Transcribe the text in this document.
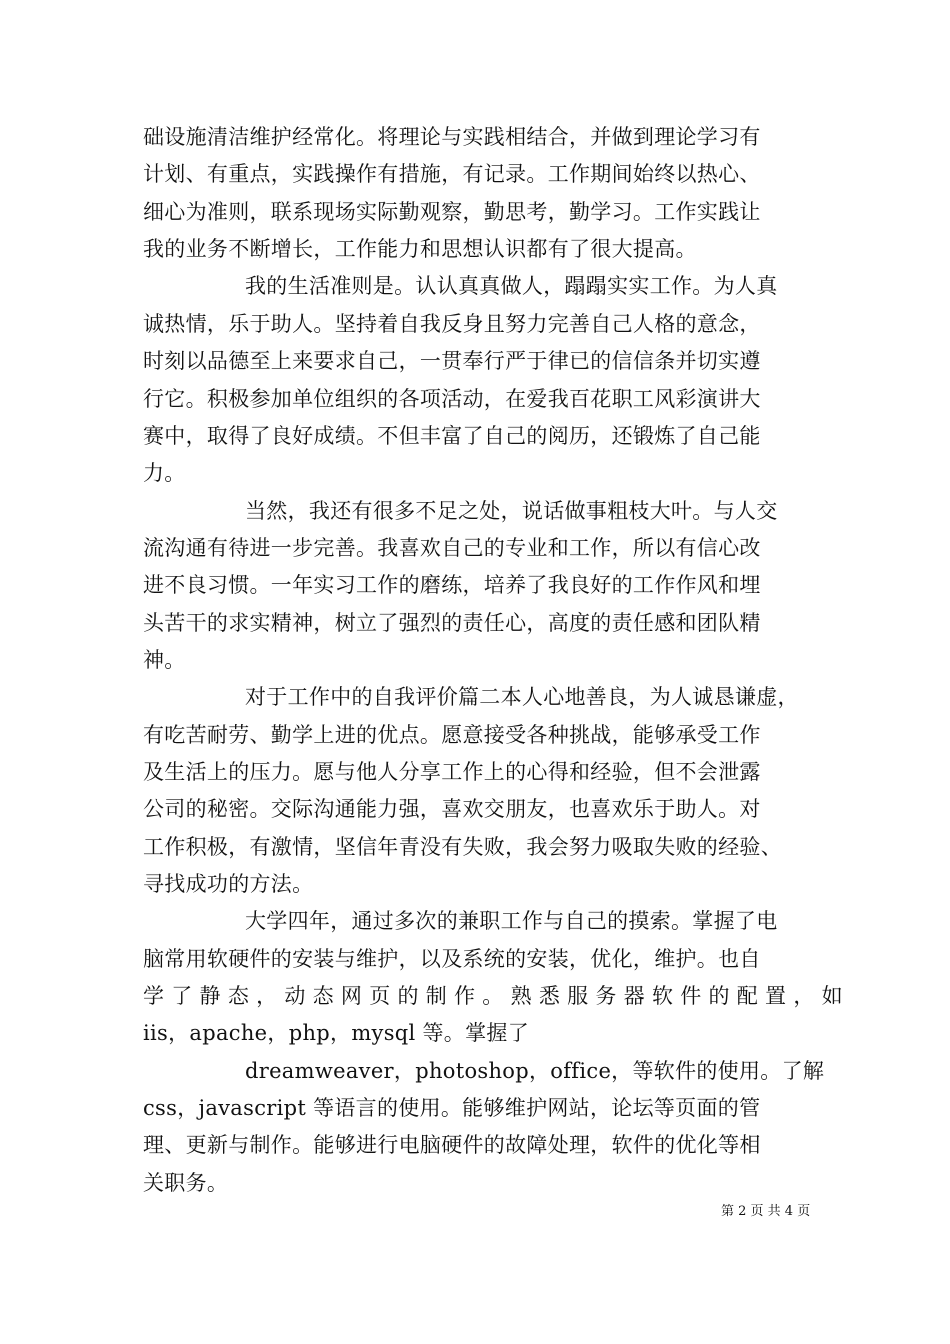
础设施清洁维护经常化。将理论与实践相结合，并做到理论学习有
计划、有重点，实践操作有措施，有记录。工作期间始终以热心、
细心为准则，联系现场实际勤观察，勤思考，勤学习。工作实践让
我的业务不断增长，工作能力和思想认识都有了很大提高。
我的生活准则是。认认真真做人，蹋蹋实实工作。为人真
诚热情，乐于助人。坚持着自我反身且努力完善自己人格的意念，
时刻以品德至上来要求自己，一贯奉行严于律已的信信条并切实遵
行它。积极参加单位组织的各项活动，在爱我百花职工风彩演讲大
赛中，取得了良好成绩。不但丰富了自己的阅历，还锻炼了自己能
力。
当然，我还有很多不足之处，说话做事粗枝大叶。与人交
流沟通有待进一步完善。我喜欢自己的专业和工作，所以有信心改
进不良习惯。一年实习工作的磨练，培养了我良好的工作作风和埋
头苦干的求实精神，树立了强烈的责任心，高度的责任感和团队精
神。
对于工作中的自我评价篇二本人心地善良，为人诚恳谦虚，
有吃苦耐劳、勤学上进的优点。愿意接受各种挑战，能够承受工作
及生活上的压力。愿与他人分享工作上的心得和经验，但不会泄露
公司的秘密。交际沟通能力强，喜欢交朋友，也喜欢乐于助人。对
工作积极，有激情，坚信年青没有失败，我会努力吸取失败的经验、
寻找成功的方法。
大学四年，通过多次的兼职工作与自己的摸索。掌握了电
脑常用软硬件的安装与维护，以及系统的安装，优化，维护。也自
学 了 静 态 ， 动 态 网 页 的 制 作 。 熟 悉 服 务 器 软 件 的 配 置 ， 如
iis，apache，php，mysql 等。掌握了
dreamweaver，photoshop，office，等软件的使用。了解
css，javascript 等语言的使用。能够维护网站，论坛等页面的管
理、更新与制作。能够进行电脑硬件的故障处理，软件的优化等相
关职务。
第 2 页 共 4 页
